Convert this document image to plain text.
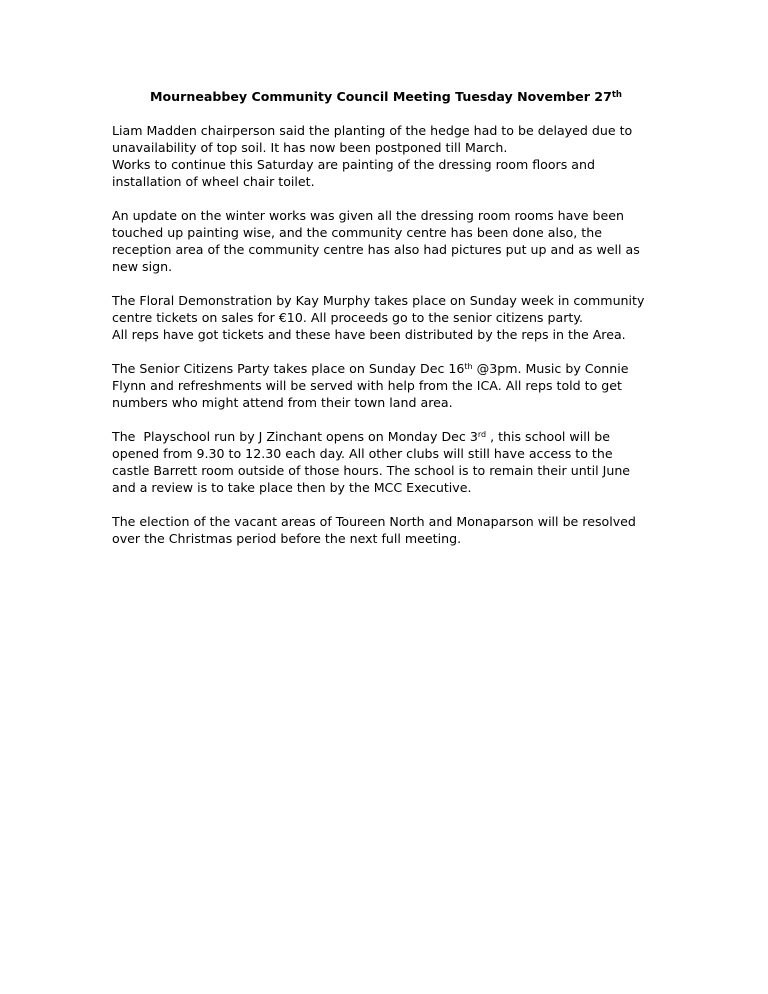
Mourneabbey Community Council Meeting Tuesday November 27th

Liam Madden chairperson said the planting of the hedge had to be delayed due to
unavailability of top soil. It has now been postponed till March.
Works to continue this Saturday are painting of the dressing room floors and
installation of wheel chair toilet.

An update on the winter works was given all the dressing room rooms have been
touched up painting wise, and the community centre has been done also, the
reception area of the community centre has also had pictures put up and as well as
new sign.

The Floral Demonstration by Kay Murphy takes place on Sunday week in community
centre tickets on sales for €10. All proceeds go to the senior citizens party.
All reps have got tickets and these have been distributed by the reps in the Area.

The Senior Citizens Party takes place on Sunday Dec 16th @3pm. Music by Connie
Flynn and refreshments will be served with help from the ICA. All reps told to get
numbers who might attend from their town land area.

The  Playschool run by J Zinchant opens on Monday Dec 3rd , this school will be
opened from 9.30 to 12.30 each day. All other clubs will still have access to the
castle Barrett room outside of those hours. The school is to remain their until June
and a review is to take place then by the MCC Executive.

The election of the vacant areas of Toureen North and Monaparson will be resolved
over the Christmas period before the next full meeting.
